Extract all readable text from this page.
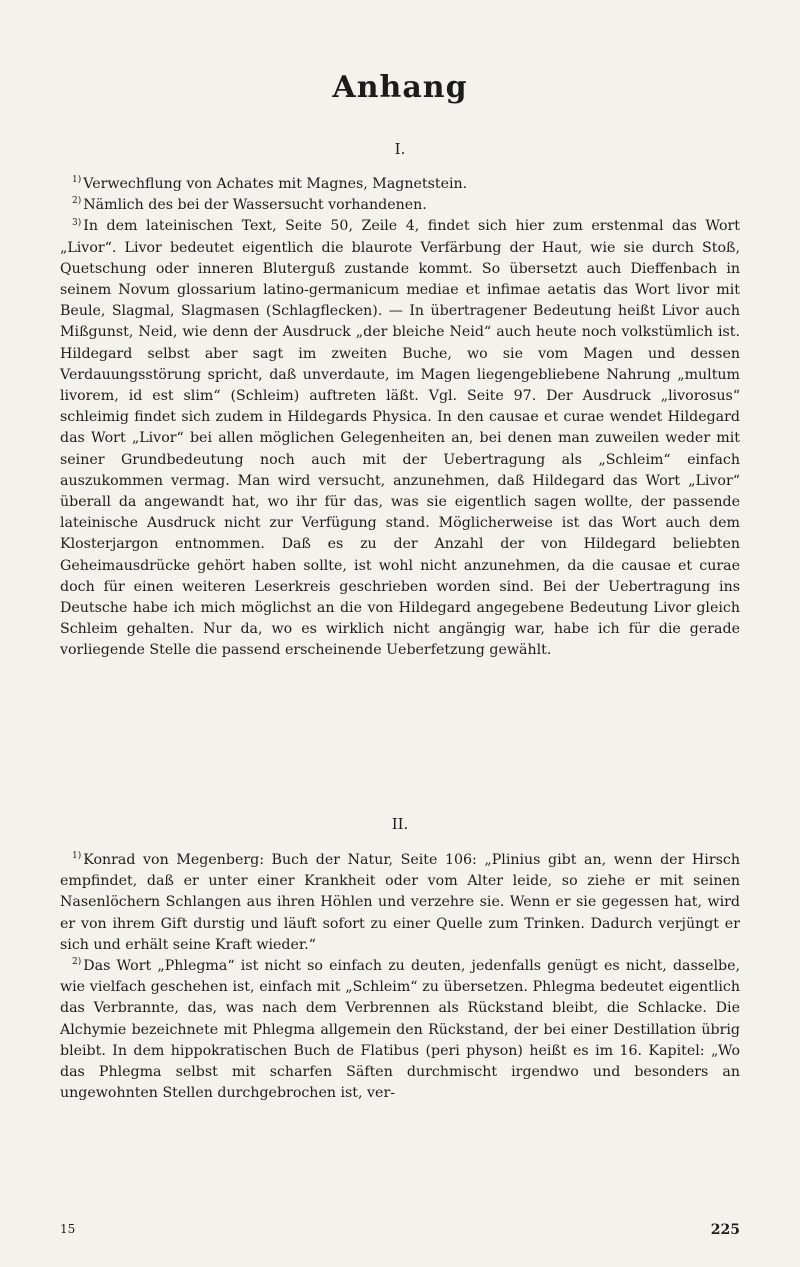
Anhang
I.

$^{1)}$ Verwechflung von Achates mit Magnes, Magnetstein.

$^{2)}$ Nämlich des bei der Wassersucht vorhandenen.

$^{3)}$ In dem lateinischen Text, Seite 50, Zeile 4, findet sich hier zum erstenmal das Wort „Livor“. Livor bedeutet eigentlich die blaurote Verfärbung der Haut, wie sie durch Stoß, Quetschung oder inneren Bluterguß zustande kommt. So übersetzt auch Dieffenbach in seinem Novum glossarium latino-germanicum mediae et infimae aetatis das Wort livor mit Beule, Slagmal, Slagmasen (Schlagflecken). — In übertragener Bedeutung heißt Livor auch Mißgunst, Neid, wie denn der Ausdruck „der bleiche Neid“ auch heute noch volkstümlich ist. Hildegard selbst aber sagt im zweiten Buche, wo sie vom Magen und dessen Verdauungsstörung spricht, daß unverdaute, im Magen liegengebliebene Nahrung „multum livorem, id est slim“ (Schleim) auftreten läßt. Vgl. Seite 97. Der Ausdruck „livorosus“ schleimig findet sich zudem in Hildegards Physica. In den causae et curae wendet Hildegard das Wort „Livor“ bei allen möglichen Gelegenheiten an, bei denen man zuweilen weder mit seiner Grundbedeutung noch auch mit der Uebertragung als „Schleim“ einfach auszukommen vermag. Man wird versucht, anzunehmen, daß Hildegard das Wort „Livor“ überall da angewandt hat, wo ihr für das, was sie eigentlich sagen wollte, der passende lateinische Ausdruck nicht zur Verfügung stand. Möglicherweise ist das Wort auch dem Klosterjargon entnommen. Daß es zu der Anzahl der von Hildegard beliebten Geheimausdrücke gehört haben sollte, ist wohl nicht anzunehmen, da die causae et curae doch für einen weiteren Leserkreis geschrieben worden sind. Bei der Uebertragung ins Deutsche habe ich mich möglichst an die von Hildegard angegebene Bedeutung Livor gleich Schleim gehalten. Nur da, wo es wirklich nicht angängig war, habe ich für die gerade vorliegende Stelle die passend erscheinende Ueberfetzung gewählt.

II.

$^{1)}$ Konrad von Megenberg: Buch der Natur, Seite 106: „Plinius gibt an, wenn der Hirsch empfindet, daß er unter einer Krankheit oder vom Alter leide, so ziehe er mit seinen Nasenlöchern Schlangen aus ihren Höhlen und verzehre sie. Wenn er sie gegessen hat, wird er von ihrem Gift durstig und läuft sofort zu einer Quelle zum Trinken. Dadurch verjüngt er sich und erhält seine Kraft wieder.“

$^{2)}$ Das Wort „Phlegma“ ist nicht so einfach zu deuten, jedenfalls genügt es nicht, dasselbe, wie vielfach geschehen ist, einfach mit „Schleim“ zu übersetzen. Phlegma bedeutet eigentlich das Verbrannte, das, was nach dem Verbrennen als Rückstand bleibt, die Schlacke. Die Alchymie bezeichnete mit Phlegma allgemein den Rückstand, der bei einer Destillation übrig bleibt. In dem hippokratischen Buch de Flatibus (peri physon) heißt es im 16. Kapitel: „Wo das Phlegma selbst mit scharfen Säften durchmischt irgendwo und besonders an ungewohnten Stellen durchgebrochen ist, ver-

15	225
